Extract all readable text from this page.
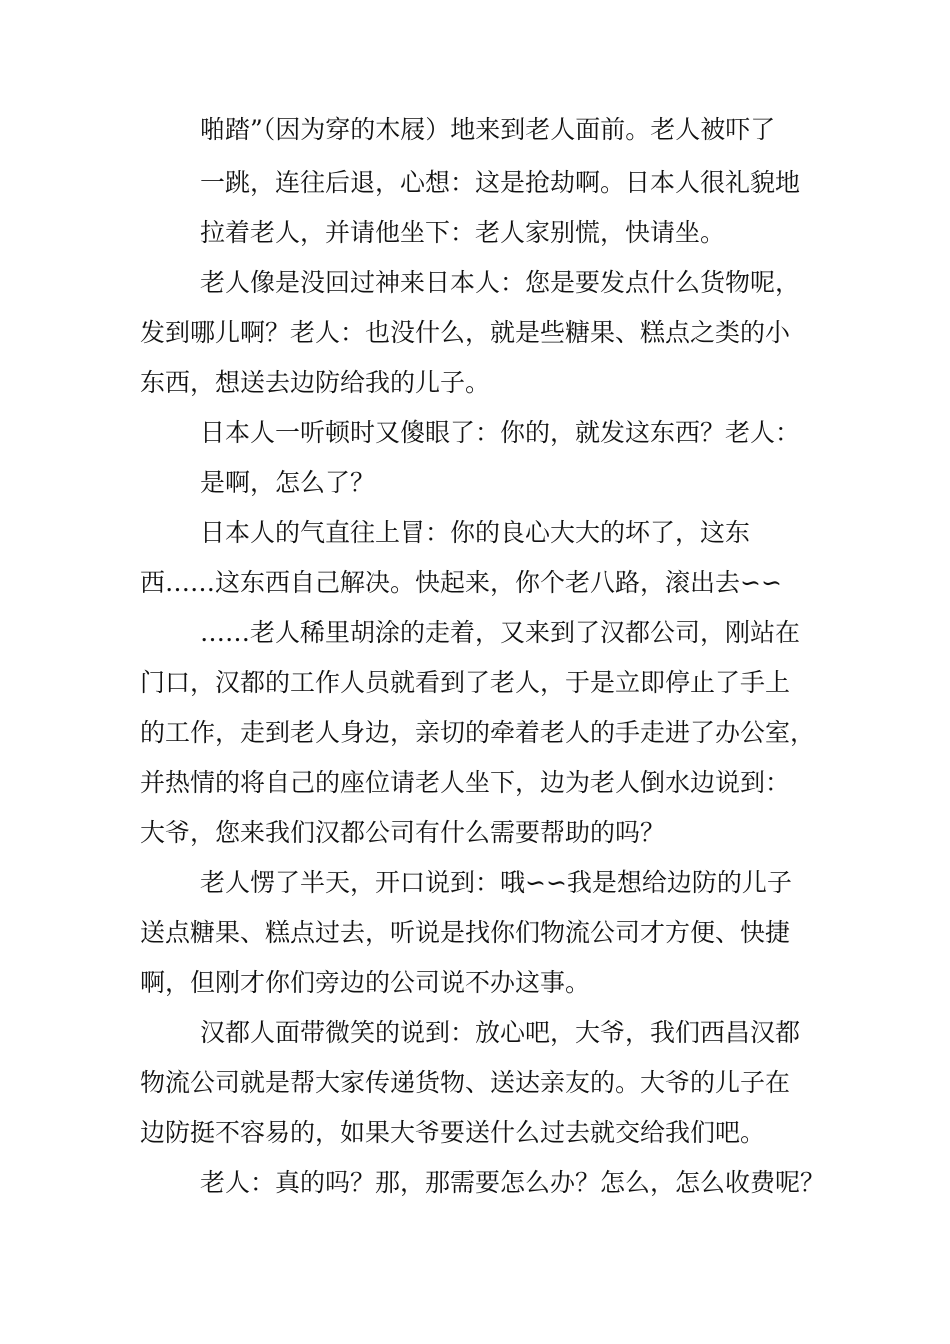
啪踏”（因为穿的木屐）地来到老人面前。老人被吓了

一跳，连往后退，心想：这是抢劫啊。日本人很礼貌地

拉着老人，并请他坐下：老人家别慌，快请坐。

老人像是没回过神来日本人：您是要发点什么货物呢，

发到哪儿啊？老人：也没什么，就是些糖果、糕点之类的小

东西，想送去边防给我的儿子。

日本人一听顿时又傻眼了：你的，就发这东西？老人：

是啊，怎么了？

日本人的气直往上冒：你的良心大大的坏了，这东

西……这东西自己解决。快起来，你个老八路，滚出去∽∽

……老人稀里胡涂的走着，又来到了汉都公司，刚站在

门口，汉都的工作人员就看到了老人，于是立即停止了手上

的工作，走到老人身边，亲切的牵着老人的手走进了办公室，

并热情的将自己的座位请老人坐下，边为老人倒水边说到：

大爷，您来我们汉都公司有什么需要帮助的吗？

老人愣了半天，开口说到：哦∽∽我是想给边防的儿子

送点糖果、糕点过去，听说是找你们物流公司才方便、快捷

啊，但刚才你们旁边的公司说不办这事。

汉都人面带微笑的说到：放心吧，大爷，我们西昌汉都

物流公司就是帮大家传递货物、送达亲友的。大爷的儿子在

边防挺不容易的，如果大爷要送什么过去就交给我们吧。

老人：真的吗？那，那需要怎么办？怎么，怎么收费呢？
